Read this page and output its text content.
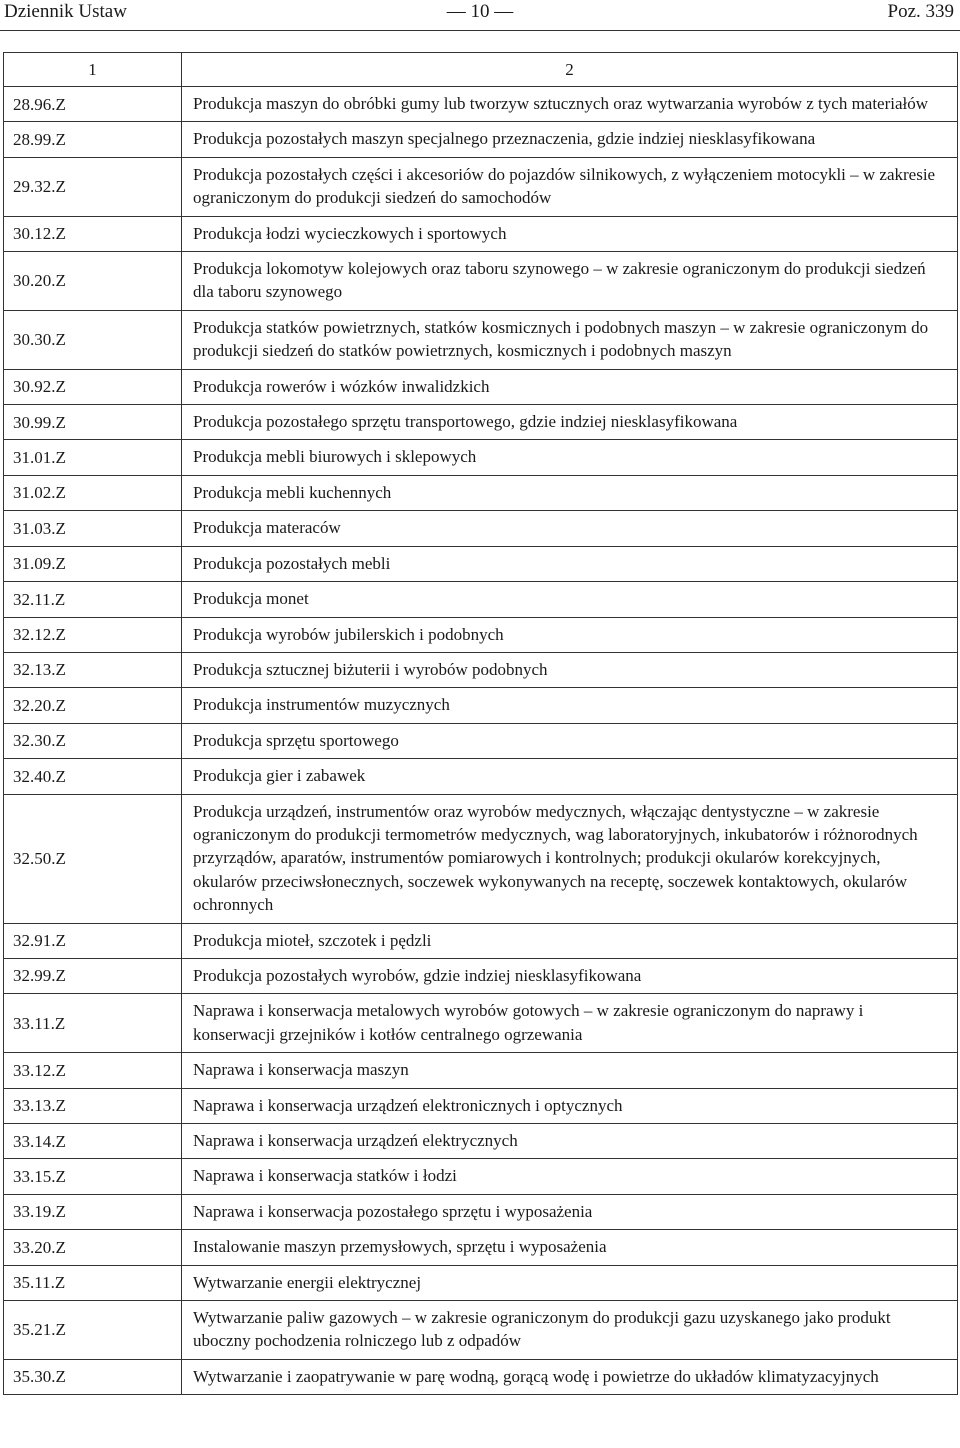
Dziennik Ustaw	— 10 —	Poz. 339
1	2
28.96.Z	Produkcja maszyn do obróbki gumy lub tworzyw sztucznych oraz wytwarzania wyrobów z tych materiałów
28.99.Z	Produkcja pozostałych maszyn specjalnego przeznaczenia, gdzie indziej niesklasyfikowana
29.32.Z	Produkcja pozostałych części i akcesoriów do pojazdów silnikowych, z wyłączeniem motocykli – w zakresie ograniczonym do produkcji siedzeń do samochodów
30.12.Z	Produkcja łodzi wycieczkowych i sportowych
30.20.Z	Produkcja lokomotyw kolejowych oraz taboru szynowego – w zakresie ograniczonym do produkcji siedzeń dla taboru szynowego
30.30.Z	Produkcja statków powietrznych, statków kosmicznych i podobnych maszyn – w zakresie ograniczonym do produkcji siedzeń do statków powietrznych, kosmicznych i podobnych maszyn
30.92.Z	Produkcja rowerów i wózków inwalidzkich
30.99.Z	Produkcja pozostałego sprzętu transportowego, gdzie indziej niesklasyfikowana
31.01.Z	Produkcja mebli biurowych i sklepowych
31.02.Z	Produkcja mebli kuchennych
31.03.Z	Produkcja materaców
31.09.Z	Produkcja pozostałych mebli
32.11.Z	Produkcja monet
32.12.Z	Produkcja wyrobów jubilerskich i podobnych
32.13.Z	Produkcja sztucznej biżuterii i wyrobów podobnych
32.20.Z	Produkcja instrumentów muzycznych
32.30.Z	Produkcja sprzętu sportowego
32.40.Z	Produkcja gier i zabawek
32.50.Z	Produkcja urządzeń, instrumentów oraz wyrobów medycznych, włączając dentystyczne – w zakresie ograniczonym do produkcji termometrów medycznych, wag laboratoryjnych, inkubatorów i różnorodnych przyrządów, aparatów, instrumentów pomiarowych i kontrolnych; produkcji okularów korekcyjnych, okularów przeciwsłonecznych, soczewek wykonywanych na receptę, soczewek kontaktowych, okularów ochronnych
32.91.Z	Produkcja mioteł, szczotek i pędzli
32.99.Z	Produkcja pozostałych wyrobów, gdzie indziej niesklasyfikowana
33.11.Z	Naprawa i konserwacja metalowych wyrobów gotowych – w zakresie ograniczonym do naprawy i konserwacji grzejników i kotłów centralnego ogrzewania
33.12.Z	Naprawa i konserwacja maszyn
33.13.Z	Naprawa i konserwacja urządzeń elektronicznych i optycznych
33.14.Z	Naprawa i konserwacja urządzeń elektrycznych
33.15.Z	Naprawa i konserwacja statków i łodzi
33.19.Z	Naprawa i konserwacja pozostałego sprzętu i wyposażenia
33.20.Z	Instalowanie maszyn przemysłowych, sprzętu i wyposażenia
35.11.Z	Wytwarzanie energii elektrycznej
35.21.Z	Wytwarzanie paliw gazowych – w zakresie ograniczonym do produkcji gazu uzyskanego jako produkt uboczny pochodzenia rolniczego lub z odpadów
35.30.Z	Wytwarzanie i zaopatrywanie w parę wodną, gorącą wodę i powietrze do układów klimatyzacyjnych
